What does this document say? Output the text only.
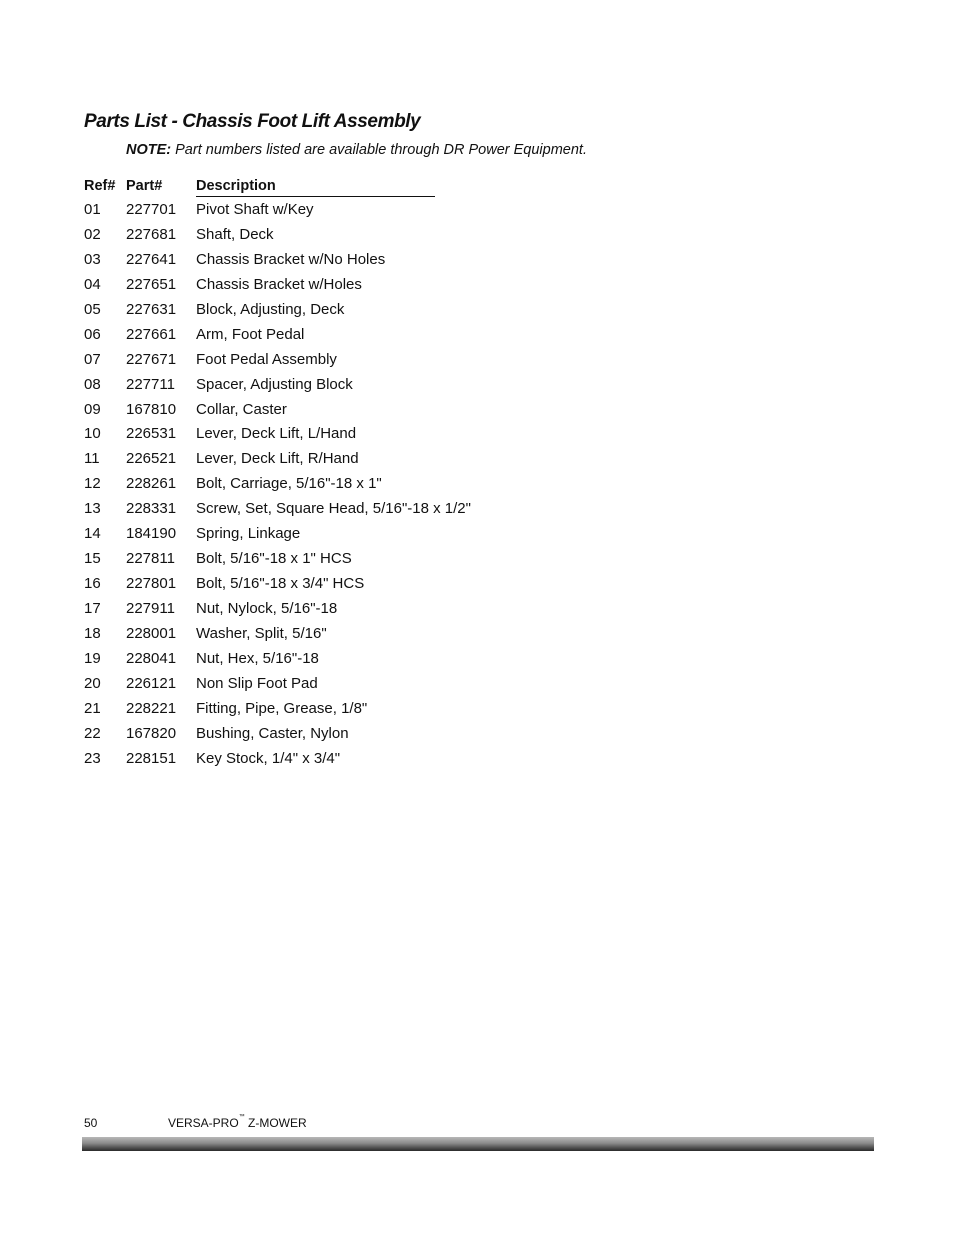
Parts List - Chassis Foot Lift Assembly
NOTE: Part numbers listed are available through DR Power Equipment.
Ref# Part# Description
01 227701 Pivot Shaft w/Key
02 227681 Shaft, Deck
03 227641 Chassis Bracket w/No Holes
04 227651 Chassis Bracket w/Holes
05 227631 Block, Adjusting, Deck
06 227661 Arm, Foot Pedal
07 227671 Foot Pedal Assembly
08 227711 Spacer, Adjusting Block
09 167810 Collar, Caster
10 226531 Lever, Deck Lift, L/Hand
11 226521 Lever, Deck Lift, R/Hand
12 228261 Bolt, Carriage, 5/16"-18 x 1"
13 228331 Screw, Set, Square Head, 5/16"-18 x 1/2"
14 184190 Spring, Linkage
15 227811 Bolt, 5/16"-18 x 1" HCS
16 227801 Bolt, 5/16"-18 x 3/4" HCS
17 227911 Nut, Nylock, 5/16"-18
18 228001 Washer, Split, 5/16"
19 228041 Nut, Hex, 5/16"-18
20 226121 Non Slip Foot Pad
21 228221 Fitting, Pipe, Grease, 1/8"
22 167820 Bushing, Caster, Nylon
23 228151 Key Stock, 1/4" x 3/4"
50	VERSA-PRO™ Z-MOWER
